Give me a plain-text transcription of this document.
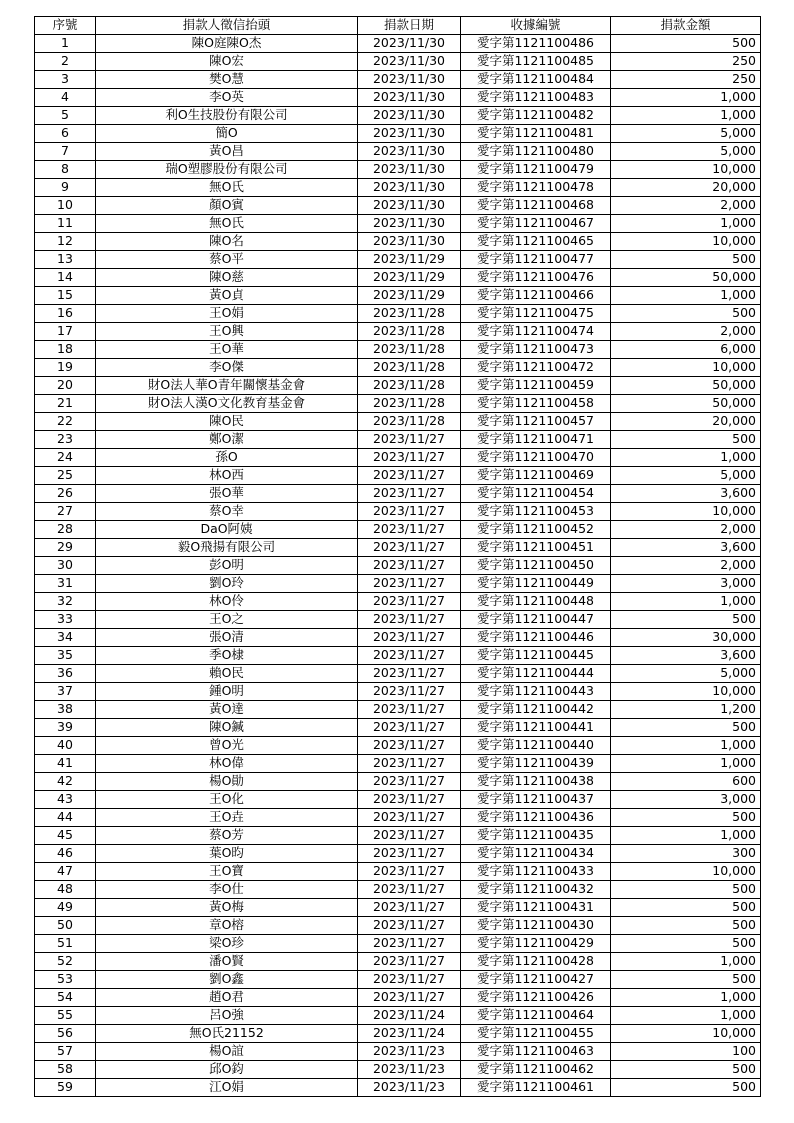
序號	捐款人徵信抬頭	捐款日期	收據編號	捐款金額
1	陳O庭陳O杰	2023/11/30	愛字第1121100486	500
2	陳O宏	2023/11/30	愛字第1121100485	250
3	樊O慧	2023/11/30	愛字第1121100484	250
4	李O英	2023/11/30	愛字第1121100483	1,000
5	利O生技股份有限公司	2023/11/30	愛字第1121100482	1,000
6	簡O	2023/11/30	愛字第1121100481	5,000
7	黃O昌	2023/11/30	愛字第1121100480	5,000
8	瑞O塑膠股份有限公司	2023/11/30	愛字第1121100479	10,000
9	無O氏	2023/11/30	愛字第1121100478	20,000
10	顏O賓	2023/11/30	愛字第1121100468	2,000
11	無O氏	2023/11/30	愛字第1121100467	1,000
12	陳O名	2023/11/30	愛字第1121100465	10,000
13	蔡O平	2023/11/29	愛字第1121100477	500
14	陳O慈	2023/11/29	愛字第1121100476	50,000
15	黃O貞	2023/11/29	愛字第1121100466	1,000
16	王O娟	2023/11/28	愛字第1121100475	500
17	王O興	2023/11/28	愛字第1121100474	2,000
18	王O華	2023/11/28	愛字第1121100473	6,000
19	李O傑	2023/11/28	愛字第1121100472	10,000
20	財O法人華O青年關懷基金會	2023/11/28	愛字第1121100459	50,000
21	財O法人漢O文化教育基金會	2023/11/28	愛字第1121100458	50,000
22	陳O民	2023/11/28	愛字第1121100457	20,000
23	鄭O潔	2023/11/27	愛字第1121100471	500
24	孫O	2023/11/27	愛字第1121100470	1,000
25	林O西	2023/11/27	愛字第1121100469	5,000
26	張O華	2023/11/27	愛字第1121100454	3,600
27	蔡O幸	2023/11/27	愛字第1121100453	10,000
28	DaO阿姨	2023/11/27	愛字第1121100452	2,000
29	毅O飛揚有限公司	2023/11/27	愛字第1121100451	3,600
30	彭O明	2023/11/27	愛字第1121100450	2,000
31	劉O玲	2023/11/27	愛字第1121100449	3,000
32	林O伶	2023/11/27	愛字第1121100448	1,000
33	王O之	2023/11/27	愛字第1121100447	500
34	張O清	2023/11/27	愛字第1121100446	30,000
35	季O棣	2023/11/27	愛字第1121100445	3,600
36	賴O民	2023/11/27	愛字第1121100444	5,000
37	鍾O明	2023/11/27	愛字第1121100443	10,000
38	黃O達	2023/11/27	愛字第1121100442	1,200
39	陳O鍼	2023/11/27	愛字第1121100441	500
40	曾O光	2023/11/27	愛字第1121100440	1,000
41	林O偉	2023/11/27	愛字第1121100439	1,000
42	楊O勛	2023/11/27	愛字第1121100438	600
43	王O化	2023/11/27	愛字第1121100437	3,000
44	王O垚	2023/11/27	愛字第1121100436	500
45	蔡O芳	2023/11/27	愛字第1121100435	1,000
46	葉O昀	2023/11/27	愛字第1121100434	300
47	王O寶	2023/11/27	愛字第1121100433	10,000
48	李O仕	2023/11/27	愛字第1121100432	500
49	黃O梅	2023/11/27	愛字第1121100431	500
50	章O榕	2023/11/27	愛字第1121100430	500
51	梁O珍	2023/11/27	愛字第1121100429	500
52	潘O賢	2023/11/27	愛字第1121100428	1,000
53	劉O鑫	2023/11/27	愛字第1121100427	500
54	趙O君	2023/11/27	愛字第1121100426	1,000
55	呂O強	2023/11/24	愛字第1121100464	1,000
56	無O氏21152	2023/11/24	愛字第1121100455	10,000
57	楊O誼	2023/11/23	愛字第1121100463	100
58	邱O鈞	2023/11/23	愛字第1121100462	500
59	江O娟	2023/11/23	愛字第1121100461	500
